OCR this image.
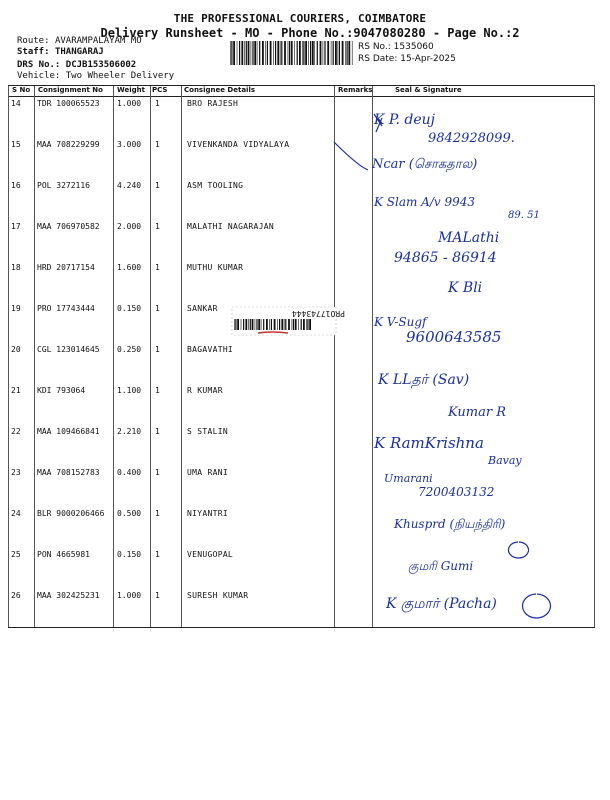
THE PROFESSIONAL COURIERS, COIMBATORE
Delivery Runsheet - MO - Phone No.:9047080280 - Page No.:2
Route: AVARAMPALAYAM MO
Staff: THANGARAJ
DRS No.: DCJB153506002
Vehicle: Two Wheeler Delivery
RS No.: 1535060
RS Date: 15-Apr-2025
S No Consignment No Weight PCS Consignee Details	Remarks	Seal & Signature
14 TDR 100065523 1.000 1	BRO RAJESH
15 MAA 708229299 3.000 1	VIVENKANDA VIDYALAYA
16 POL 3272116	4.240 1	ASM TOOLING
17 MAA 706970582 2.000 1	MALATHI NAGARAJAN
18 HRD 20717154	1.600 1	MUTHU KUMAR
19 PRO 17743444	0.150 1	SANKAR
20 CGL 123014645 0.250 1	BAGAVATHI
21 KDI 793064	1.100 1	R KUMAR
22 MAA 109466841 2.210 1	S STALIN
23 MAA 708152783 0.400 1	UMA RANI
24 BLR 9000206466 0.500 1	NIYANTRI
25 PON 4665981	0.150 1	VENUGOPAL
26 MAA 302425231 1.000 1	SURESH KUMAR
PRO17743444
K P. deuj
9842928099.
Ncar (சொகதால)
K Slam A/v 9943
89. 51
MALathi
94865 - 86914
K Bli
K V-Sugf
9600643585
K LLதர் (Sav)
Kumar R
K RamKrishna
Bavay
Umarani
7200403132
Khusprd (நியந்திரி)
குமரி Gumi
K குமார் (Pacha)
